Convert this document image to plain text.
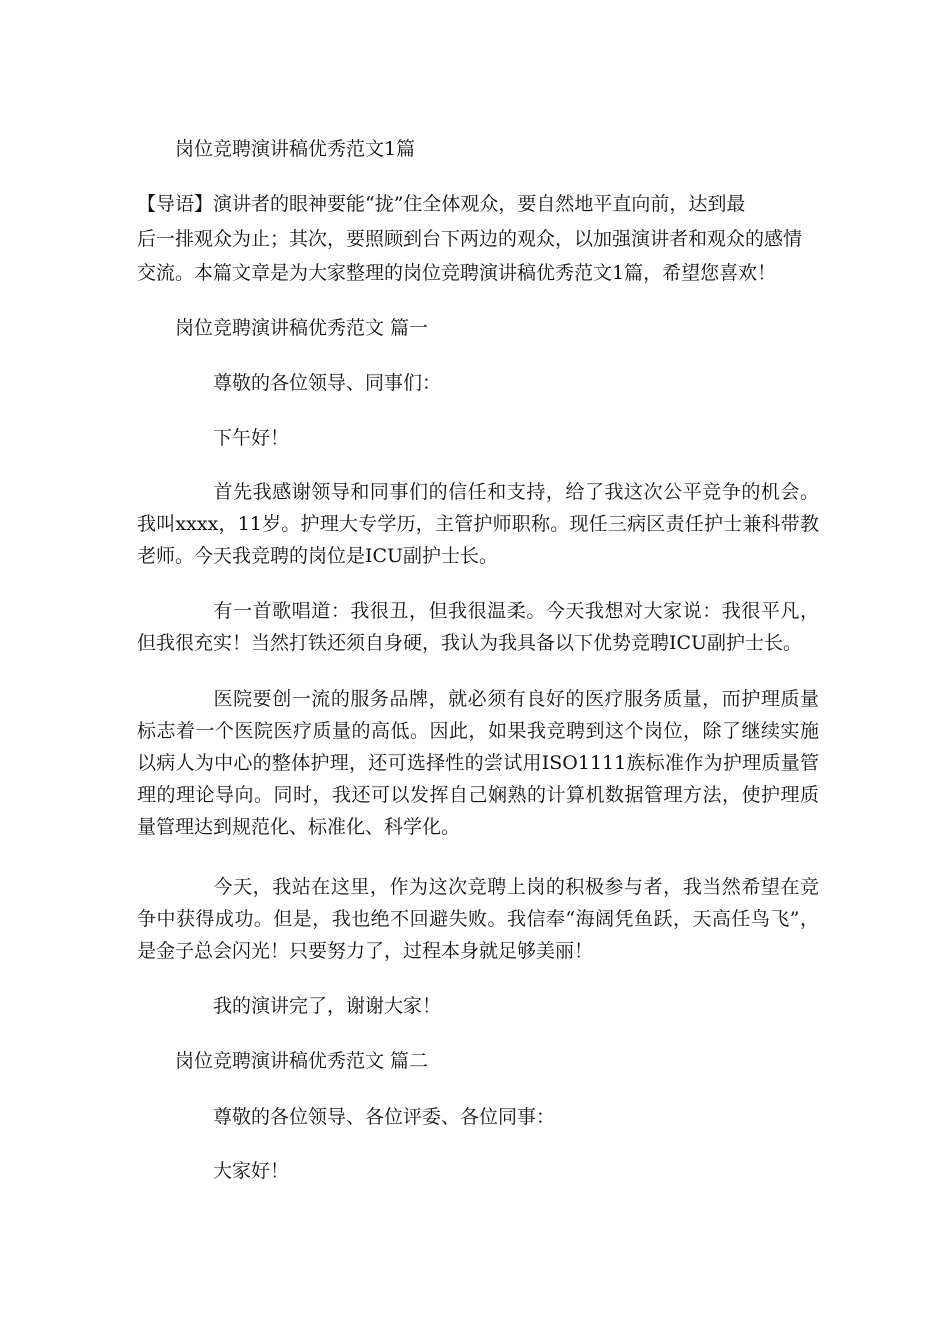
岗位竞聘演讲稿优秀范文1篇

【导语】演讲者的眼神要能“拢”住全体观众，要自然地平直向前，达到最

后一排观众为止；其次，要照顾到台下两边的观众，以加强演讲者和观众的感情

交流。本篇文章是为大家整理的岗位竞聘演讲稿优秀范文1篇，希望您喜欢！

岗位竞聘演讲稿优秀范文 篇一

尊敬的各位领导、同事们：

下午好！

首先我感谢领导和同事们的信任和支持，给了我这次公平竞争的机会。我叫xxxx，11岁。护理大专学历，主管护师职称。现任三病区责任护士兼科带教老师。今天我竞聘的岗位是ICU副护士长。

有一首歌唱道：我很丑，但我很温柔。今天我想对大家说：我很平凡，但我很充实！当然打铁还须自身硬，我认为我具备以下优势竞聘ICU副护士长。

医院要创一流的服务品牌，就必须有良好的医疗服务质量，而护理质量标志着一个医院医疗质量的高低。因此，如果我竞聘到这个岗位，除了继续实施以病人为中心的整体护理，还可选择性的尝试用ISO1111族标准作为护理质量管理的理论导向。同时，我还可以发挥自己娴熟的计算机数据管理方法，使护理质量管理达到规范化、标准化、科学化。

今天，我站在这里，作为这次竞聘上岗的积极参与者，我当然希望在竞争中获得成功。但是，我也绝不回避失败。我信奉“海阔凭鱼跃，天高任鸟飞”，是金子总会闪光！只要努力了，过程本身就足够美丽！

我的演讲完了，谢谢大家！

岗位竞聘演讲稿优秀范文 篇二

尊敬的各位领导、各位评委、各位同事：

大家好！
